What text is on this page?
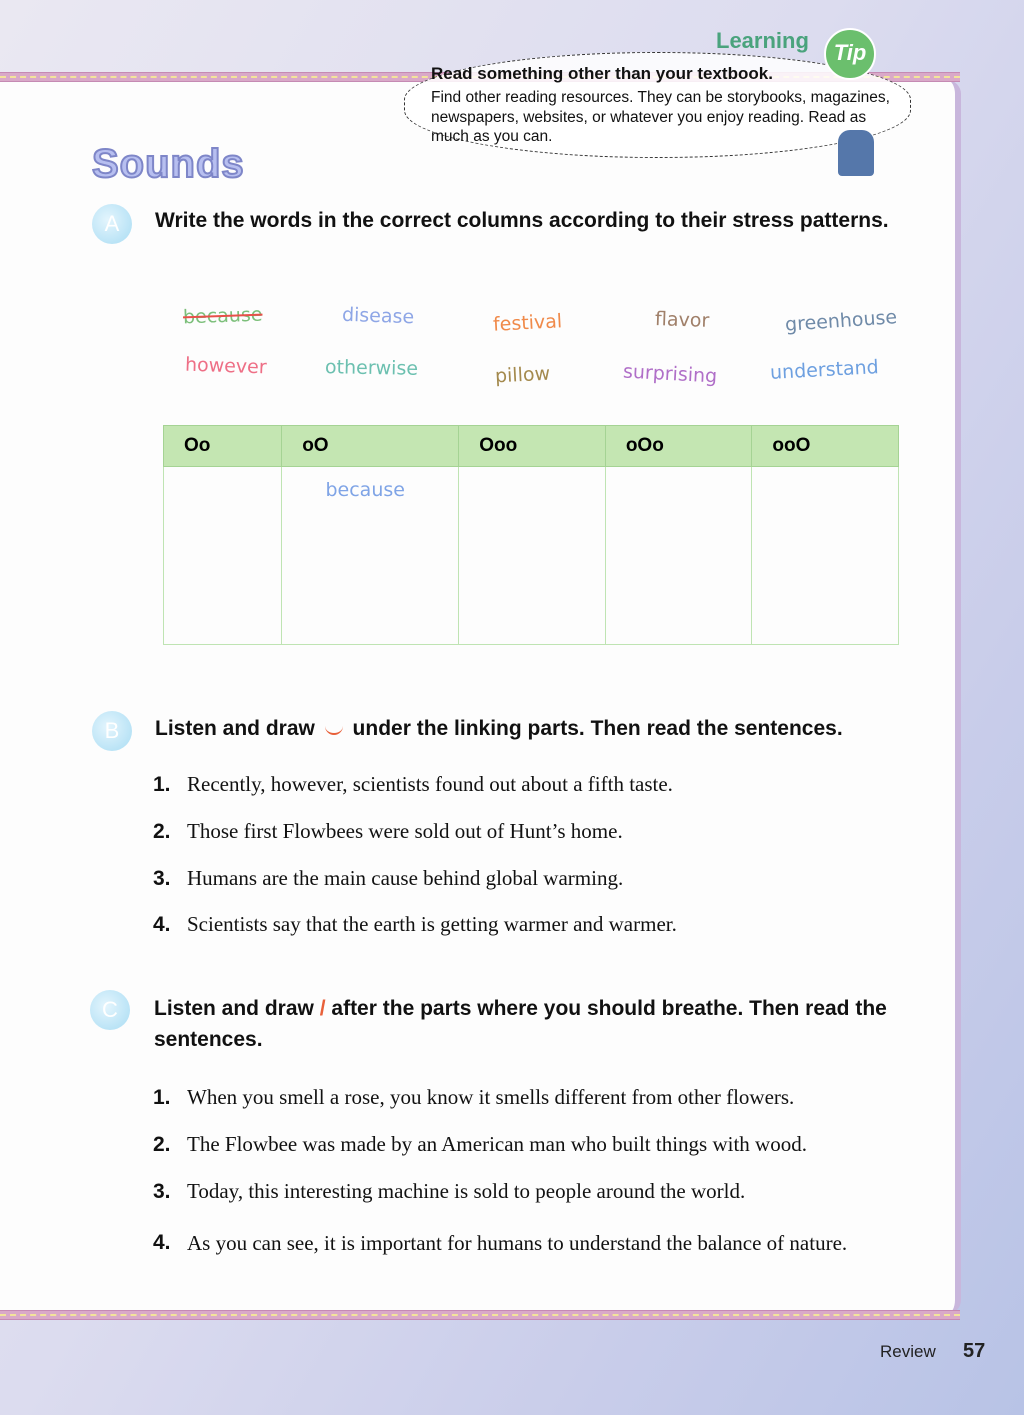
Learning	Tip
Read something other than your textbook.
Find other reading resources. They can be storybooks, magazines, newspapers, websites, or whatever you enjoy reading. Read as much as you can.
Sounds
A	Write the words in the correct columns according to their stress patterns.
because	disease	festival	flavor	greenhouse
however	otherwise	pillow	surprising	understand
Oo	oO	Ooo	oOo	ooO
	because			
B	Listen and draw under the linking parts. Then read the sentences.
1. Recently, however, scientists found out about a fifth taste.
2. Those first Flowbees were sold out of Hunt’s home.
3. Humans are the main cause behind global warming.
4. Scientists say that the earth is getting warmer and warmer.
C	Listen and draw / after the parts where you should breathe. Then read the sentences.
1. When you smell a rose, you know it smells different from other flowers.
2. The Flowbee was made by an American man who built things with wood.
3. Today, this interesting machine is sold to people around the world.
4. As you can see, it is important for humans to understand the balance of nature.
Review 57
